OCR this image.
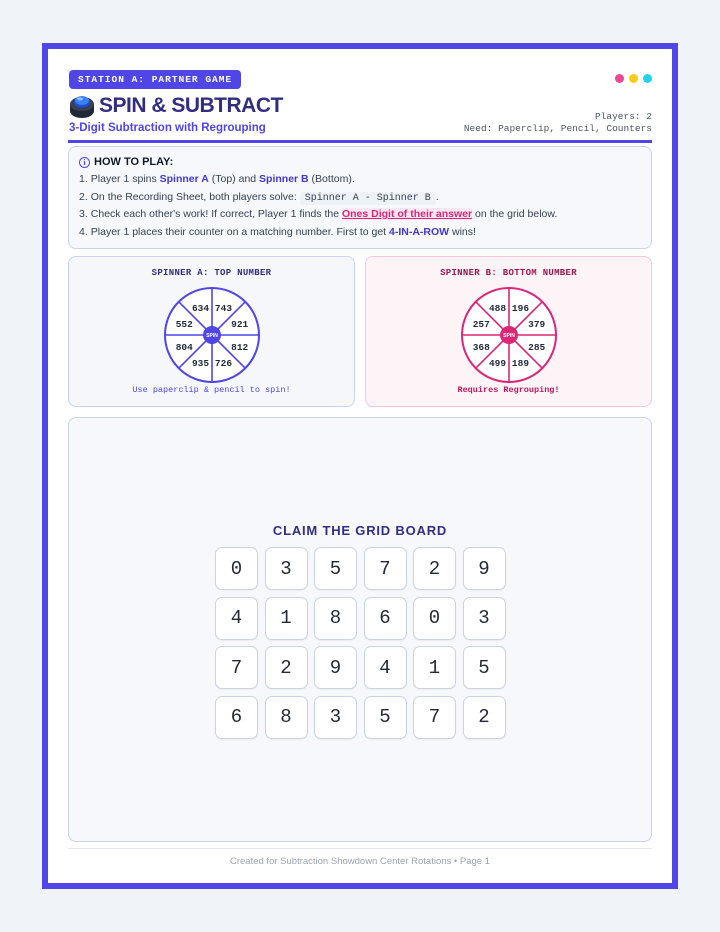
STATION A: PARTNER GAME
SPIN & SUBTRACT
3-Digit Subtraction with Regrouping
Players: 2
Need: Paperclip, Pencil, Counters
i HOW TO PLAY:
1. Player 1 spins Spinner A (Top) and Spinner B (Bottom).
2. On the Recording Sheet, both players solve: Spinner A - Spinner B .
3. Check each other's work! If correct, Player 1 finds the Ones Digit of their answer on the grid below.
4. Player 1 places their counter on a matching number. First to get 4-IN-A-ROW wins!
SPINNER A: TOP NUMBER
743
921
812
726
935
804
552
634
SPIN
Use paperclip & pencil to spin!
SPINNER B: BOTTOM NUMBER
196
379
285
189
499
368
257
488
SPIN
Requires Regrouping!
CLAIM THE GRID BOARD
0	3	5	7	2	9
4	1	8	6	0	3
7	2	9	4	1	5
6	8	3	5	7	2
Created for Subtraction Showdown Center Rotations • Page 1
